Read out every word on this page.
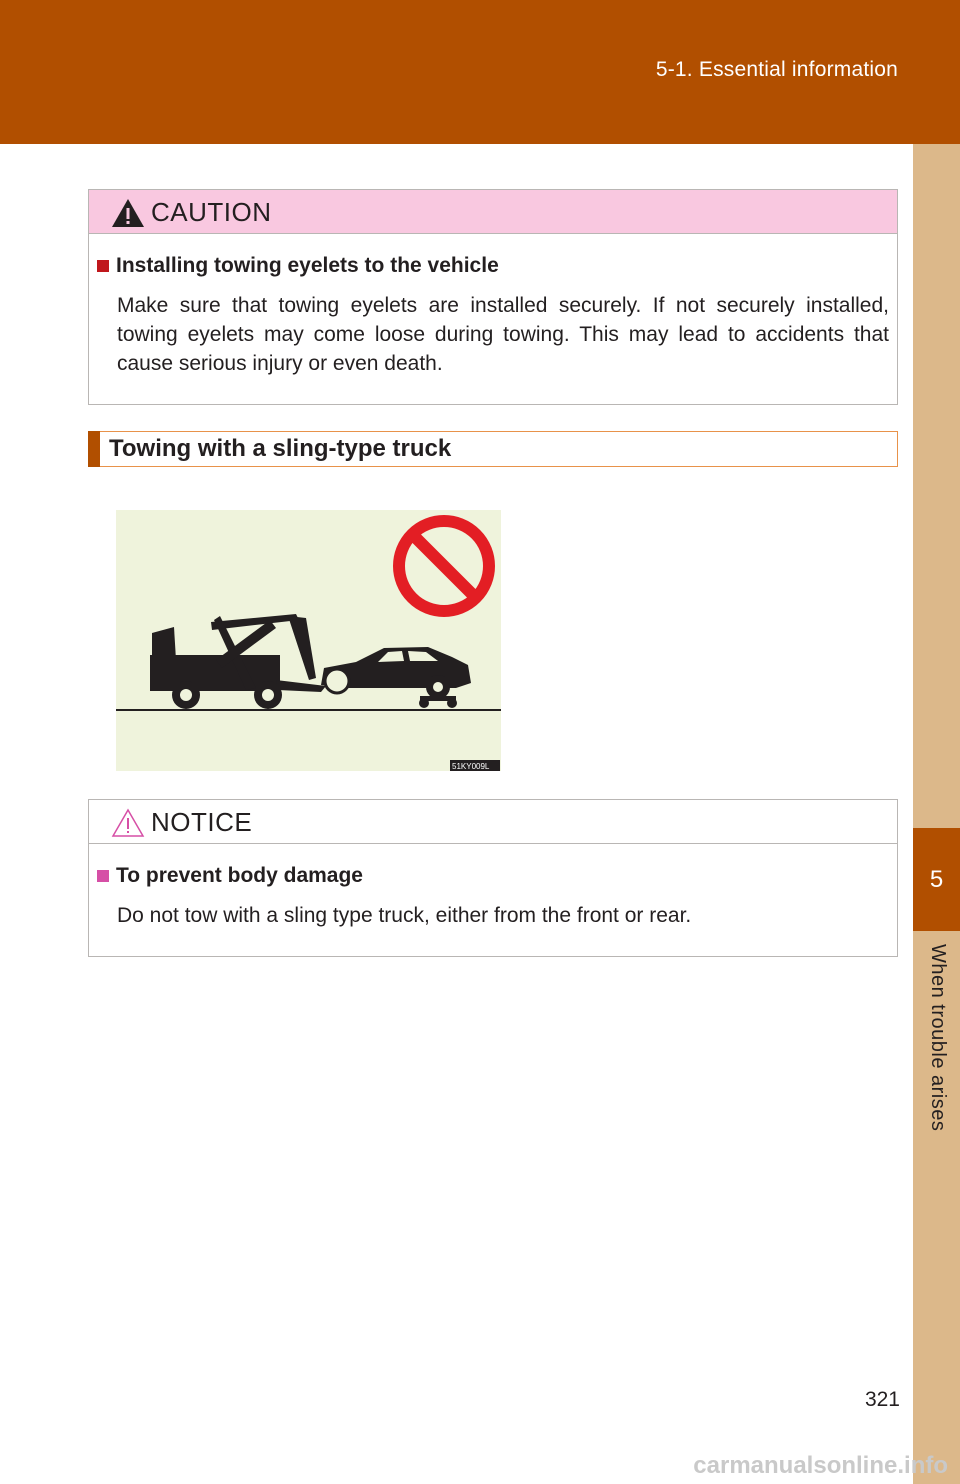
5-1. Essential information
5
When trouble arises
CAUTION
Installing towing eyelets to the vehicle
Make sure that towing eyelets are installed securely. If not securely installed, towing eyelets may come loose during towing. This may lead to accidents that cause serious injury or even death.
Towing with a sling-type truck
51KY009L
NOTICE
To prevent body damage
Do not tow with a sling type truck, either from the front or rear.
321
carmanualsonline.info
